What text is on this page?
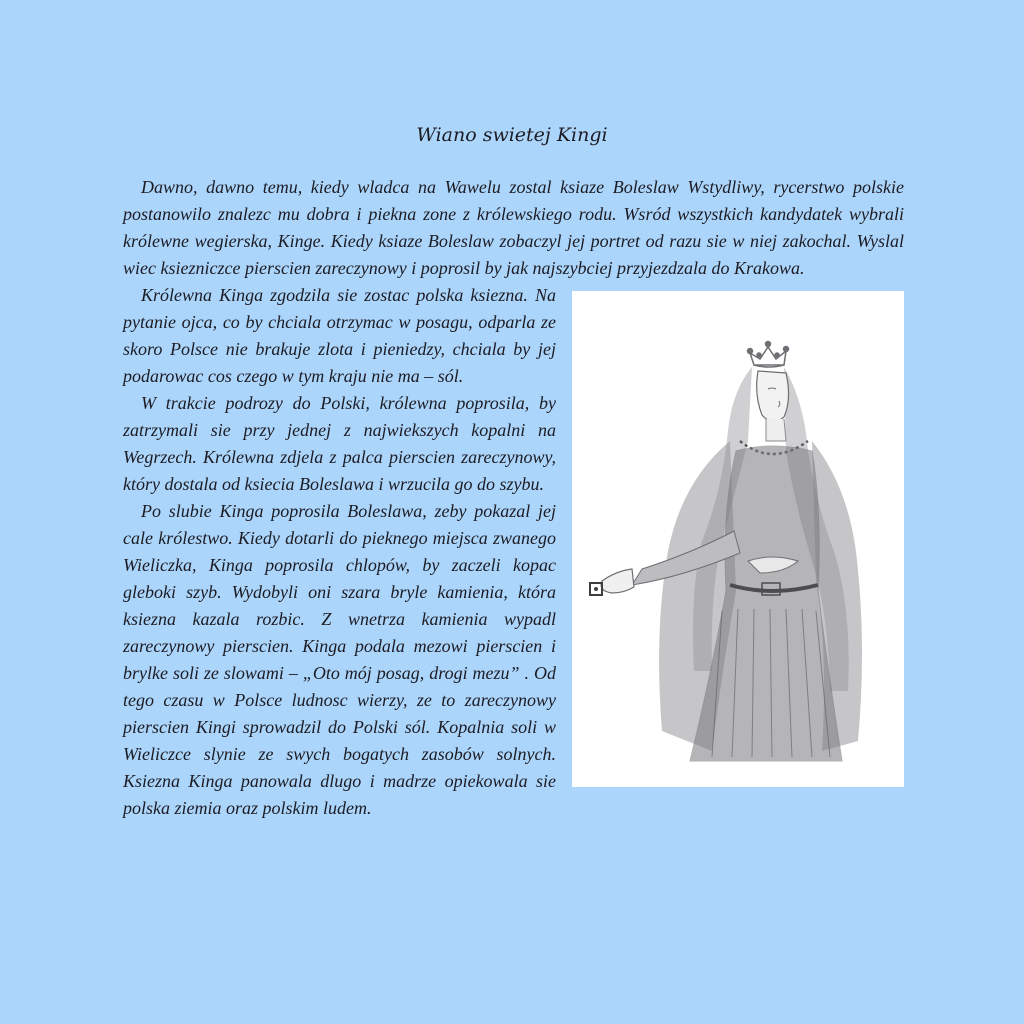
Wiano swietej Kingi

Dawno, dawno temu, kiedy wladca na Wawelu zostal ksiaze Boleslaw Wstydliwy, rycerstwo polskie postanowilo znalezc mu dobra i piekna zone z królewskiego rodu. Wsród wszystkich kandydatek wybrali królewne wegierska, Kinge. Kiedy ksiaze Boleslaw zobaczyl jej portret od razu sie w niej zakochal. Wyslal wiec ksiezniczce pierscien zareczynowy i poprosil by jak najszybciej przyjezdzala do Krakowa.

Królewna Kinga zgodzila sie zostac polska ksiezna. Na pytanie ojca, co by chciala otrzymac w posagu, odparla ze skoro Polsce nie brakuje zlota i pieniedzy, chciala by jej podarowac cos czego w tym kraju nie ma – sól.

W trakcie podrozy do Polski, królewna poprosila, by zatrzymali sie przy jednej z najwiekszych kopalni na Wegrzech. Królewna zdjela z palca pierscien zareczynowy, który dostala od ksiecia Boleslawa i wrzucila go do szybu.

Po slubie Kinga poprosila Boleslawa, zeby pokazal jej cale królestwo. Kiedy dotarli do pieknego miejsca zwanego Wieliczka, Kinga poprosila chlopów, by zaczeli kopac gleboki szyb. Wydobyli oni szara bryle kamienia, która ksiezna kazala rozbic. Z wnetrza kamienia wypadl zareczynowy pierscien. Kinga podala mezowi pierscien i brylke soli ze slowami – „Oto mój posag, drogi mezu” . Od tego czasu w Polsce ludnosc wierzy, ze to zareczynowy pierscien Kingi sprowadzil do Polski sól. Kopalnia soli w Wieliczce slynie ze swych bogatych zasobów solnych. Ksiezna Kinga panowala dlugo i madrze opiekowala sie polska ziemia oraz polskim ludem.
